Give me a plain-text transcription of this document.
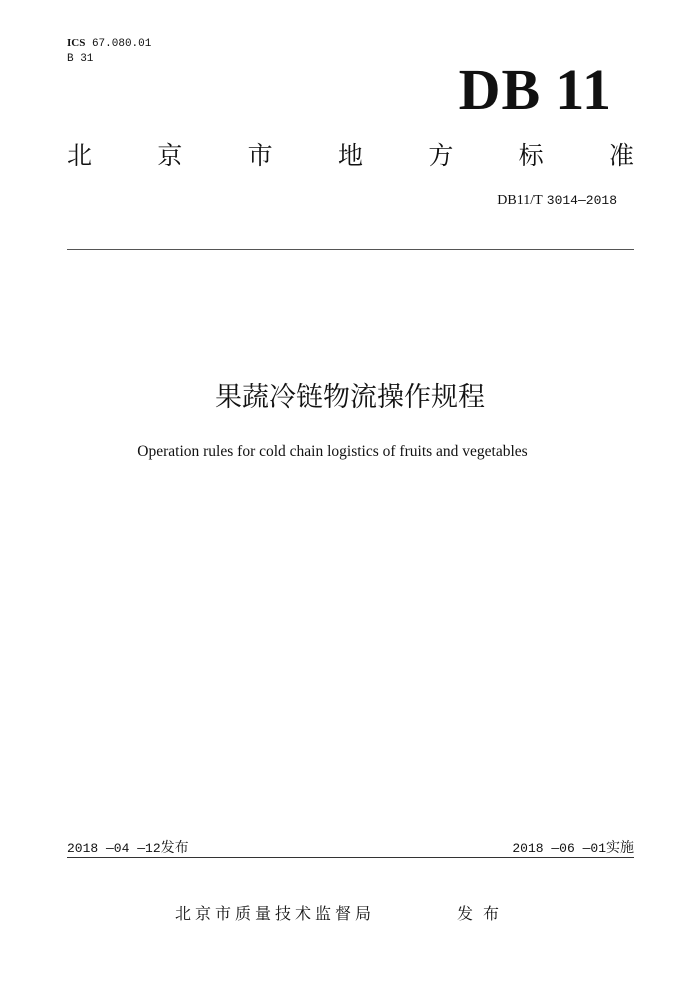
ICS 67.080.01
B 31	DB 11
北	京	市	地	方	标	准
DB11/T 3014—2018
果蔬冷链物流操作规程
Operation rules for cold chain logistics of fruits and vegetables
2018 —04 —12发布	2018 —06 —01实施
北京市质量技术监督局	发布
